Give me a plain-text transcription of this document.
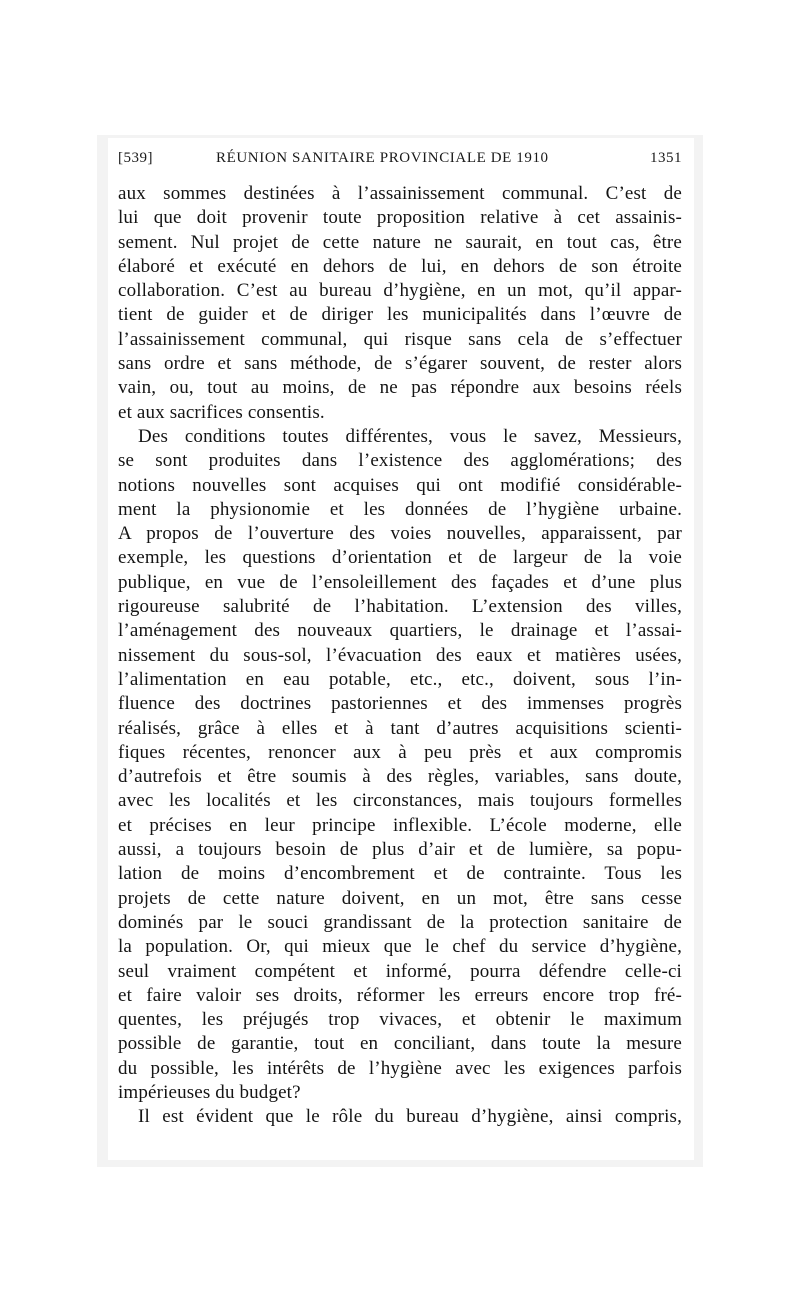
[539]	RÉUNION SANITAIRE PROVINCIALE DE 1910	1351
aux sommes destinées à l’assainissement communal. C’est de
lui que doit provenir toute proposition relative à cet assainis-
sement. Nul projet de cette nature ne saurait, en tout cas, être
élaboré et exécuté en dehors de lui, en dehors de son étroite
collaboration. C’est au bureau d’hygiène, en un mot, qu’il appar-
tient de guider et de diriger les municipalités dans l’œuvre de
l’assainissement communal, qui risque sans cela de s’effectuer
sans ordre et sans méthode, de s’égarer souvent, de rester alors
vain, ou, tout au moins, de ne pas répondre aux besoins réels
et aux sacrifices consentis.
Des conditions toutes différentes, vous le savez, Messieurs,
se sont produites dans l’existence des agglomérations; des
notions nouvelles sont acquises qui ont modifié considérable-
ment la physionomie et les données de l’hygiène urbaine.
A propos de l’ouverture des voies nouvelles, apparaissent, par
exemple, les questions d’orientation et de largeur de la voie
publique, en vue de l’ensoleillement des façades et d’une plus
rigoureuse salubrité de l’habitation. L’extension des villes,
l’aménagement des nouveaux quartiers, le drainage et l’assai-
nissement du sous-sol, l’évacuation des eaux et matières usées,
l’alimentation en eau potable, etc., etc., doivent, sous l’in-
fluence des doctrines pastoriennes et des immenses progrès
réalisés, grâce à elles et à tant d’autres acquisitions scienti-
fiques récentes, renoncer aux à peu près et aux compromis
d’autrefois et être soumis à des règles, variables, sans doute,
avec les localités et les circonstances, mais toujours formelles
et précises en leur principe inflexible. L’école moderne, elle
aussi, a toujours besoin de plus d’air et de lumière, sa popu-
lation de moins d’encombrement et de contrainte. Tous les
projets de cette nature doivent, en un mot, être sans cesse
dominés par le souci grandissant de la protection sanitaire de
la population. Or, qui mieux que le chef du service d’hygiène,
seul vraiment compétent et informé, pourra défendre celle-ci
et faire valoir ses droits, réformer les erreurs encore trop fré-
quentes, les préjugés trop vivaces, et obtenir le maximum
possible de garantie, tout en conciliant, dans toute la mesure
du possible, les intérêts de l’hygiène avec les exigences parfois
impérieuses du budget?
Il est évident que le rôle du bureau d’hygiène, ainsi compris,
